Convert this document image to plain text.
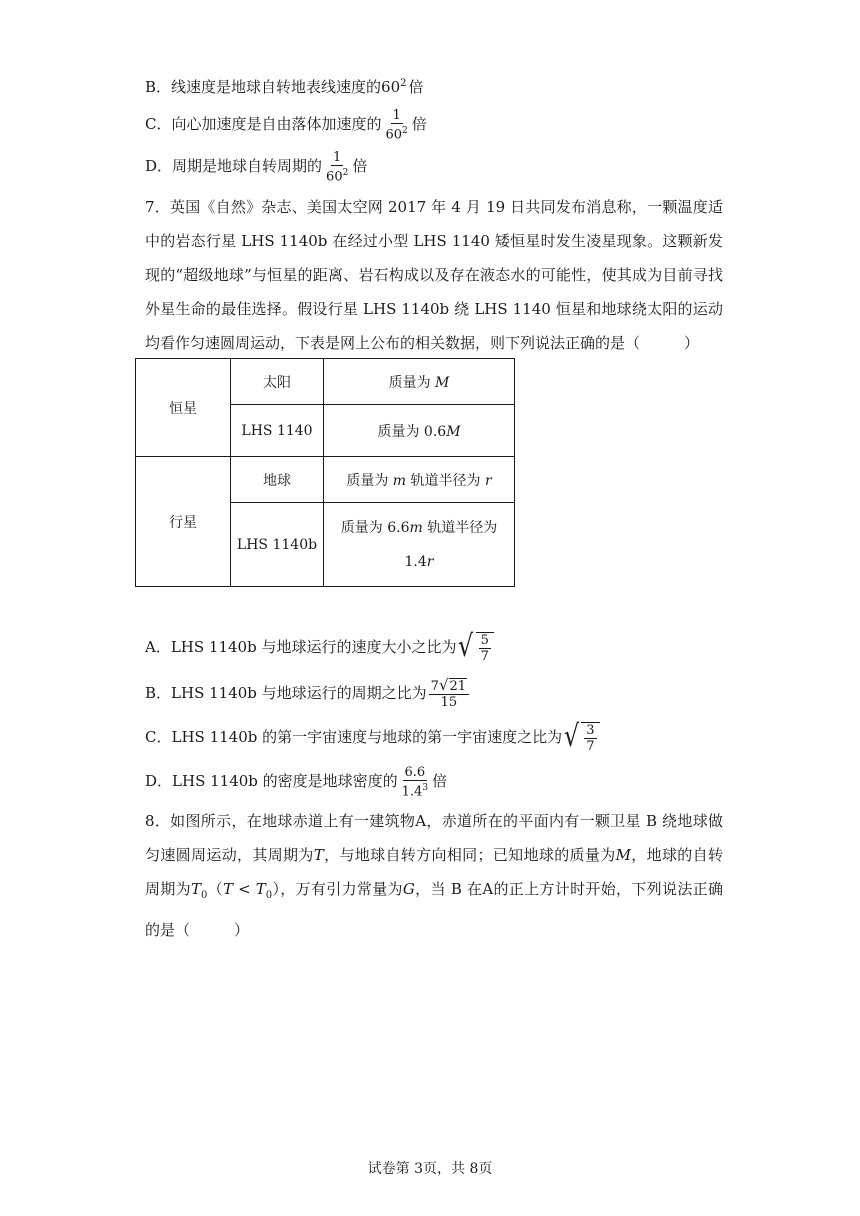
B．线速度是地球自转地表线速度的$60^2$ 倍
C．向心加速度是自由落体加速度的 $\frac{1}{60^2}$ 倍
D．周期是地球自转周期的 $\frac{1}{60^2}$ 倍
7．英国《自然》杂志、美国太空网 2017 年 4 月 19 日共同发布消息称，一颗温度适中的岩态行星 LHS 1140b 在经过小型 LHS 1140 矮恒星时发生凌星现象。这颗新发现的“超级地球”与恒星的距离、岩石构成以及存在液态水的可能性，使其成为目前寻找外星生命的最佳选择。假设行星 LHS 1140b 绕 LHS 1140 恒星和地球绕太阳的运动均看作匀速圆周运动，下表是网上公布的相关数据，则下列说法正确的是（	）
恒星	太阳	质量为 M
	LHS 1140	质量为 0.6M
行星	地球	质量为 m 轨道半径为 r
	LHS 1140b	质量为 6.6m 轨道半径为
1.4r
A．LHS 1140b 与地球运行的速度大小之比为 √ $\frac{5}{7}$
B．LHS 1140b 与地球运行的周期之比为 $\frac{7 √ 21}{15}$
C．LHS 1140b 的第一宇宙速度与地球的第一宇宙速度之比为 √ $\frac{3}{7}$
D．LHS 1140b 的密度是地球密度的 $\frac{6.6}{1.4^3}$ 倍
8．如图所示，在地球赤道上有一建筑物A，赤道所在的平面内有一颗卫星 B 绕地球做匀速圆周运动，其周期为T，与地球自转方向相同；已知地球的质量为M，地球的自转周期为$T_0(T < T_0)$，万有引力常量为G，当 B 在A的正上方计时开始，下列说法正确的是（	）
试卷第 3页，共 8页
